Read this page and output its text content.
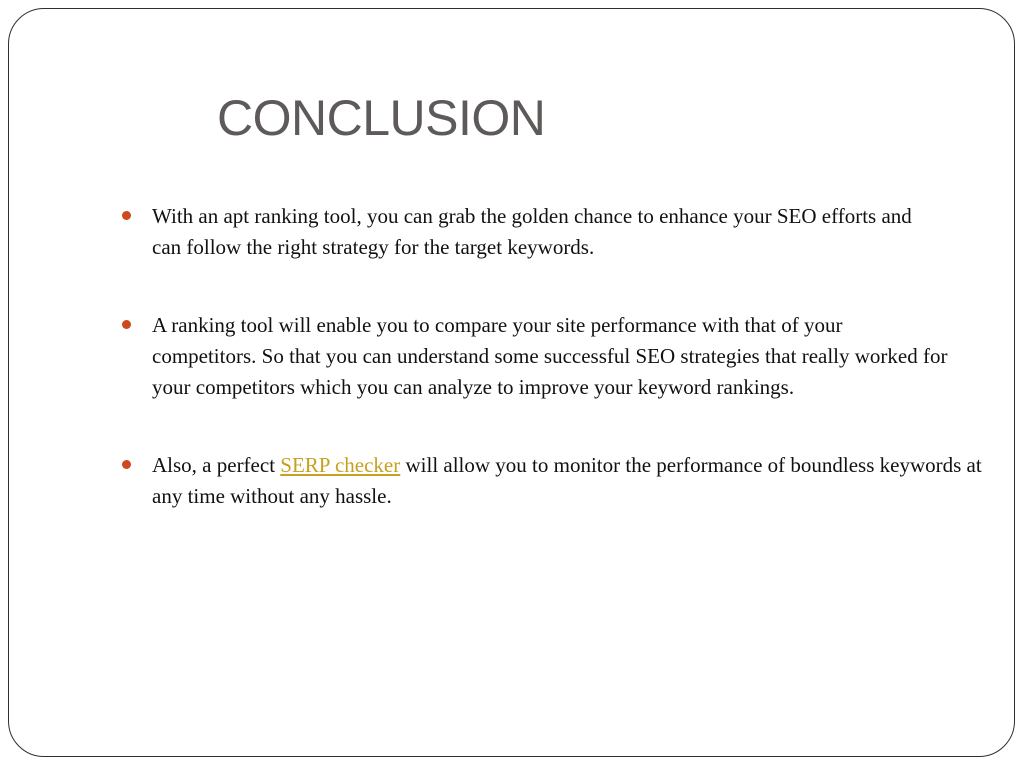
CONCLUSION
With an apt ranking tool, you can grab the golden chance to enhance your SEO efforts and can follow the right strategy for the target keywords.
A ranking tool will enable you to compare your site performance with that of your competitors. So that you can understand some successful SEO strategies that really worked for your competitors which you can analyze to improve your keyword rankings.
Also, a perfect SERP checker will allow you to monitor the performance of boundless keywords at any time without any hassle.
